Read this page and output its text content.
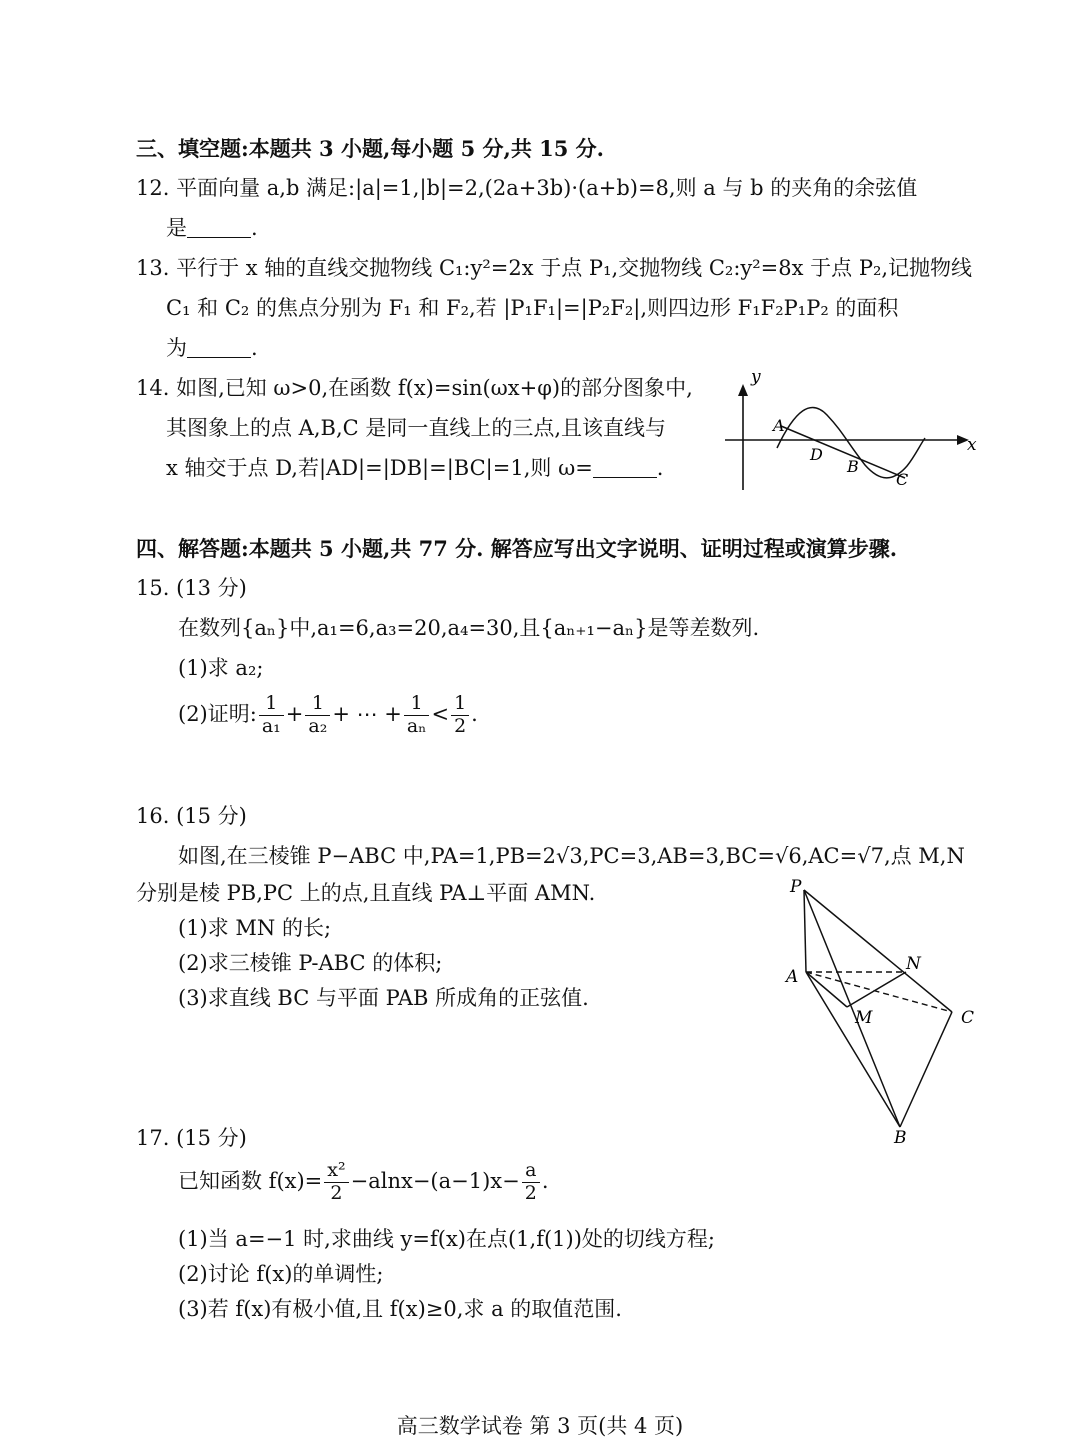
三、填空题:本题共 3 小题,每小题 5 分,共 15 分.
12. 平面向量 a,b 满足:|a|=1,|b|=2,(2a+3b)·(a+b)=8,则 a 与 b 的夹角的余弦值
是	.
13. 平行于 x 轴的直线交抛物线 C₁:y²=2x 于点 P₁,交抛物线 C₂:y²=8x 于点 P₂,记抛物线
C₁ 和 C₂ 的焦点分别为 F₁ 和 F₂,若 |P₁F₁|=|P₂F₂|,则四边形 F₁F₂P₁P₂ 的面积
为	.
14. 如图,已知 ω>0,在函数 f(x)=sin(ωx+φ)的部分图象中,
其图象上的点 A,B,C 是同一直线上的三点,且该直线与
x 轴交于点 D,若|AD|=|DB|=|BC|=1,则 ω=	.
y
x
A
D
B
C
四、解答题:本题共 5 小题,共 77 分. 解答应写出文字说明、证明过程或演算步骤.
15. (13 分)
在数列{aₙ}中,a₁=6,a₃=20,a₄=30,且{aₙ₊₁−aₙ}是等差数列.
(1)求 a₂;
(2)证明: $\frac{1}{\text{a₁}} + \frac{1}{\text{a₂}}$ + ⋯ + $\frac{1}{\text{aₙ}} < \frac{1}{2}$ .
16. (15 分)
如图,在三棱锥 P−ABC 中,PA=1,PB=2√3,PC=3,AB=3,BC=√6,AC=√7,点 M,N
分别是棱 PB,PC 上的点,且直线 PA⊥平面 AMN.
(1)求 MN 的长;
(2)求三棱锥 P-ABC 的体积;
(3)求直线 BC 与平面 PAB 所成角的正弦值.
P
A
N
M	C
B
17. (15 分)
已知函数 $f(x)= \frac{\text{x²}}{2} -alnx-(a-1)x- \frac{a}{2}$ .
(1)当 a=−1 时,求曲线 y=f(x)在点(1,f(1))处的切线方程;
(2)讨论 f(x)的单调性;
(3)若 f(x)有极小值,且 f(x)≥0,求 a 的取值范围.
高三数学试卷 第 3 页(共 4 页)
